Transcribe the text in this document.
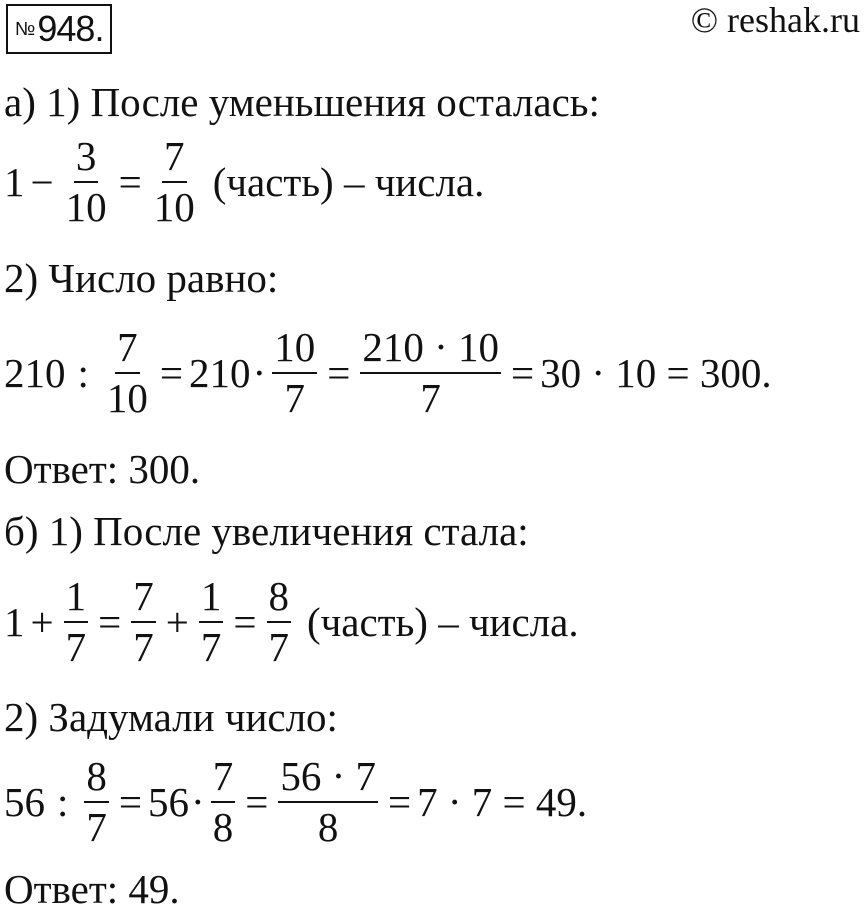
№ 948.	© reshak.ru
а) 1) После уменьшения осталась:
$1 - \frac{3}{10} = \frac{7}{10}$ (часть) – числа.
2) Число равно:
210 : $\frac{7}{10} = 210 \cdot \frac{10}{7} = \frac{210 \cdot 10}{7} = 30 \cdot 10 = 300$.
Ответ: 300.
б) 1) После увеличения стала:
$1 + \frac{1}{7} = \frac{7}{7} + \frac{1}{7} = \frac{8}{7}$ (часть) – числа.
2) Задумали число:
56 : $\frac{8}{7} = 56 \cdot \frac{7}{8} = \frac{56 \cdot 7}{8} = 7 \cdot 7 = 49$.
Ответ: 49.
